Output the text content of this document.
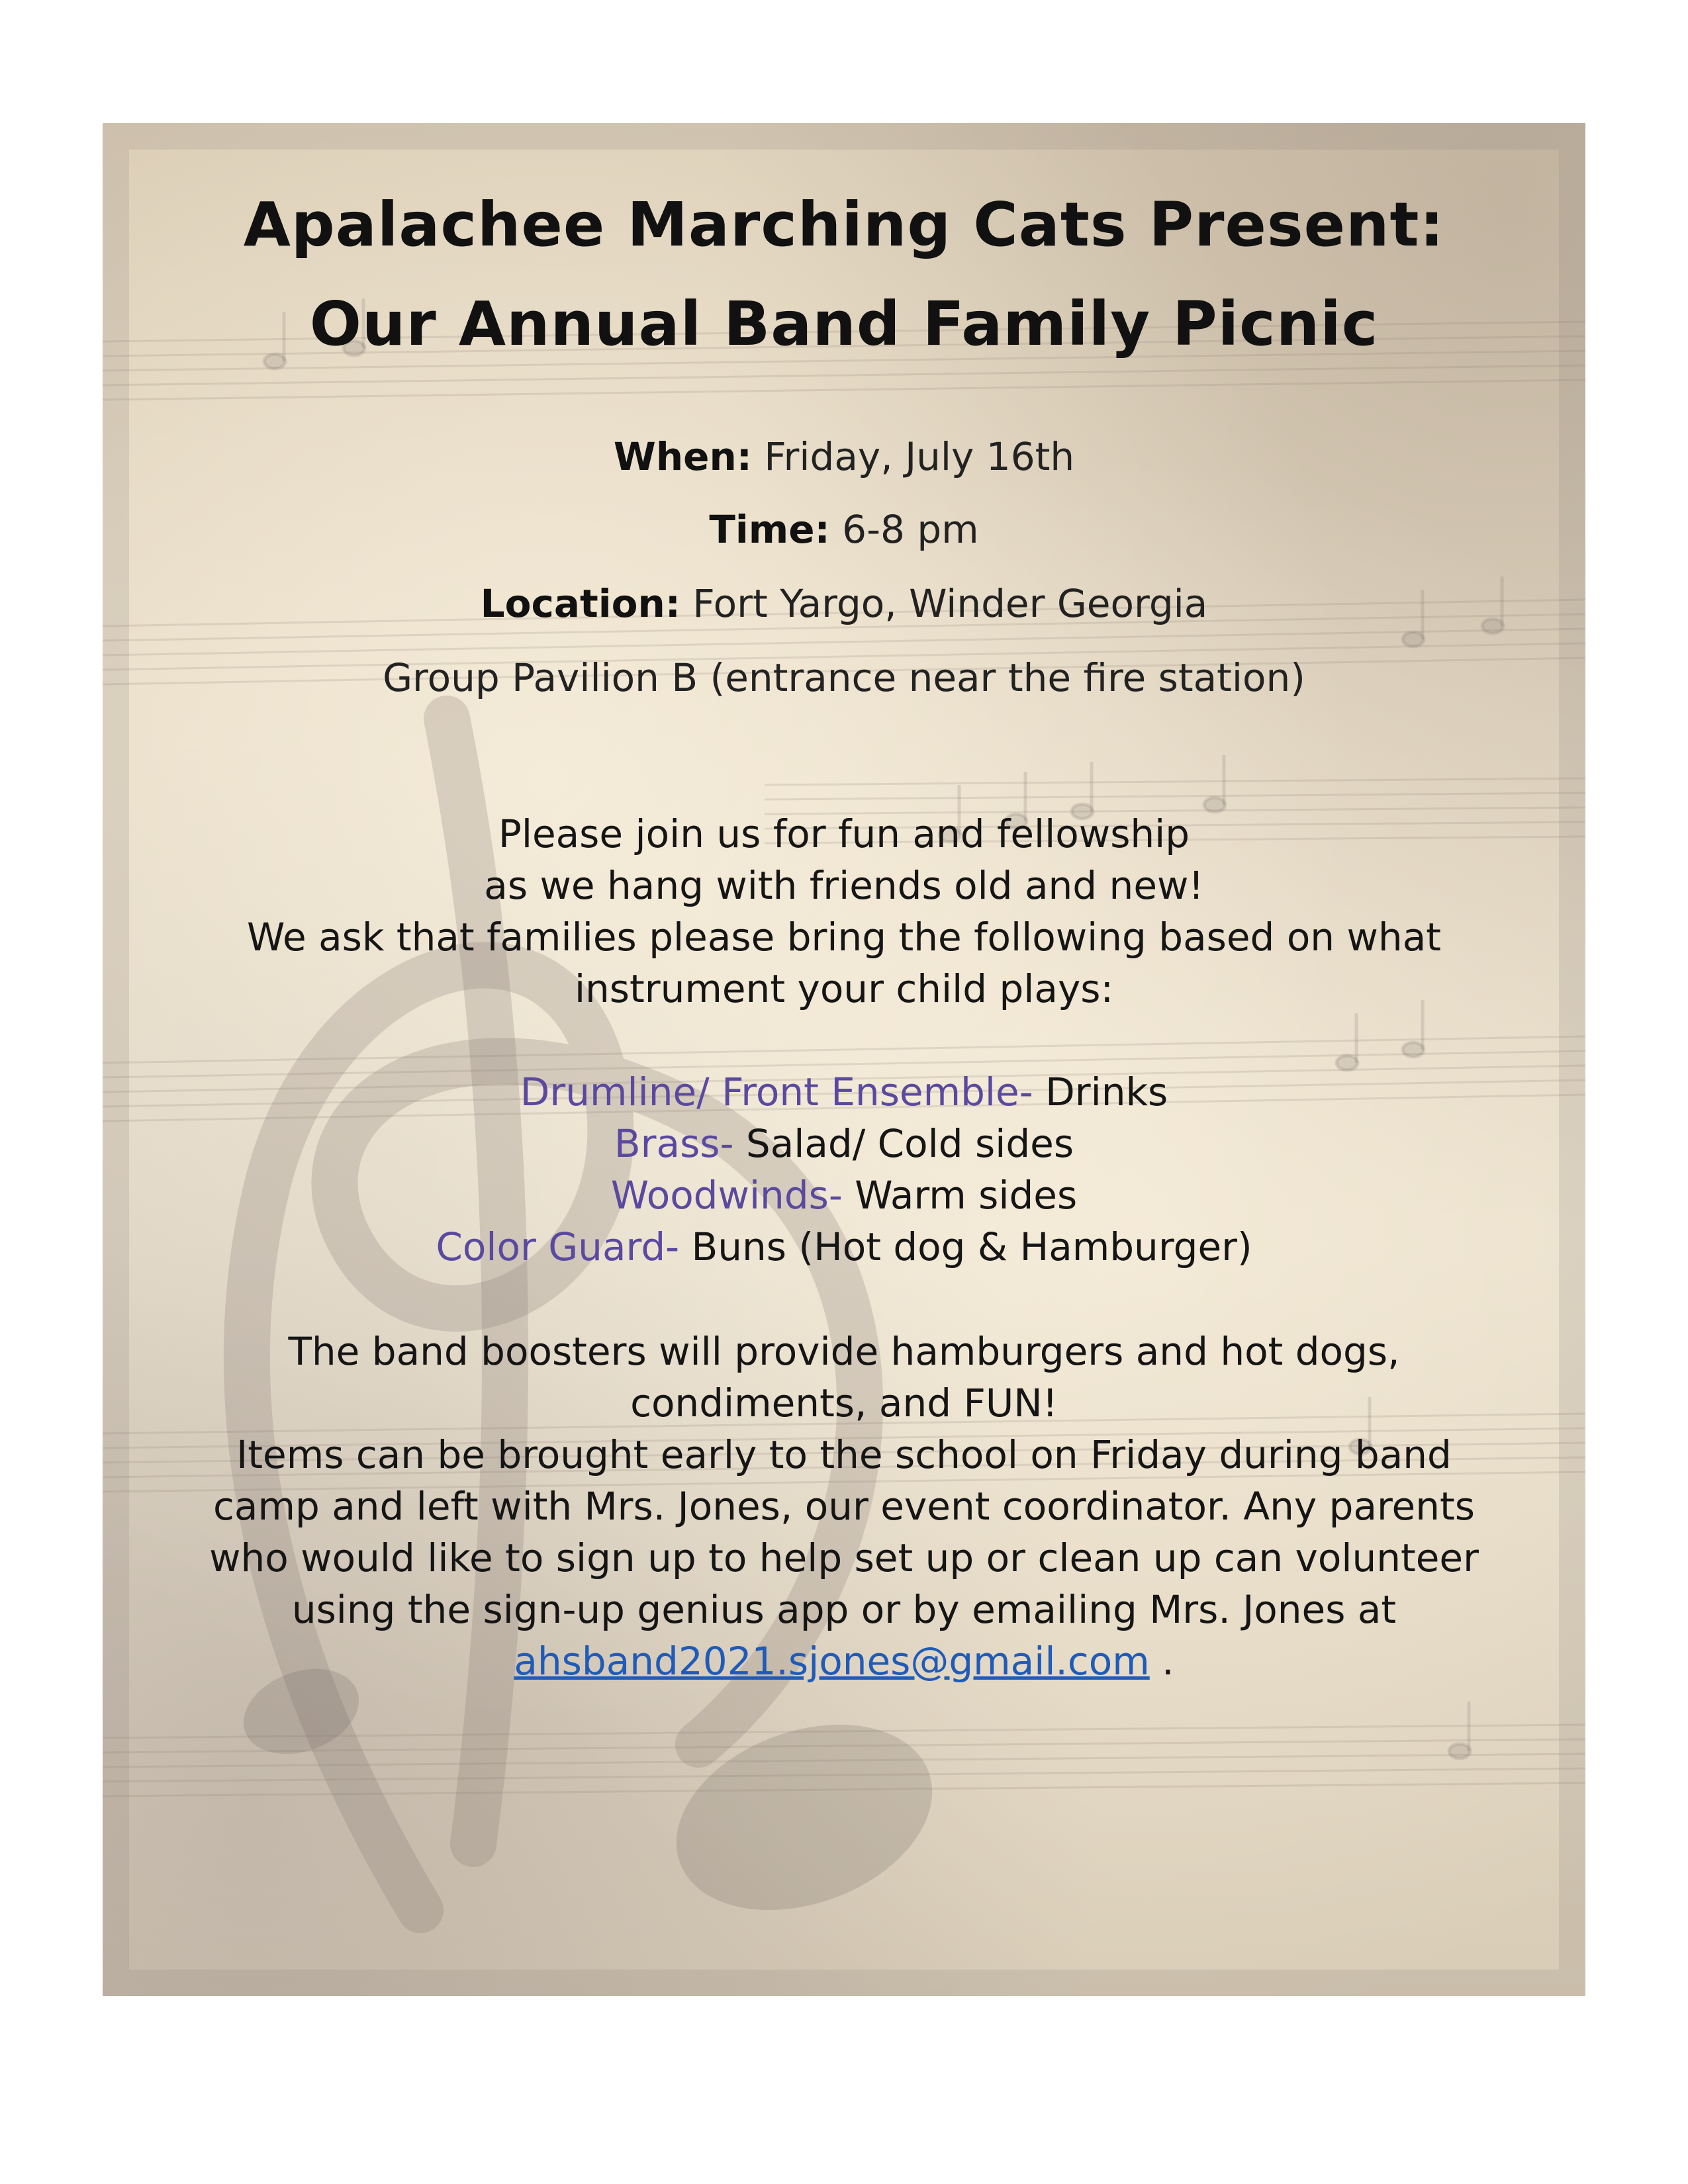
Apalachee Marching Cats Present:
Our Annual Band Family Picnic
When: Friday, July 16th
Time: 6-8 pm
Location: Fort Yargo, Winder Georgia
Group Pavilion B (entrance near the fire station)
Please join us for fun and fellowship
as we hang with friends old and new!
We ask that families please bring the following based on what
instrument your child plays:
Drumline/ Front Ensemble- Drinks
Brass- Salad/ Cold sides
Woodwinds- Warm sides
Color Guard- Buns (Hot dog & Hamburger)
The band boosters will provide hamburgers and hot dogs,
condiments, and FUN!
Items can be brought early to the school on Friday during band
camp and left with Mrs. Jones, our event coordinator. Any parents
who would like to sign up to help set up or clean up can volunteer
using the sign-up genius app or by emailing Mrs. Jones at
ahsband2021.sjones@gmail.com .
